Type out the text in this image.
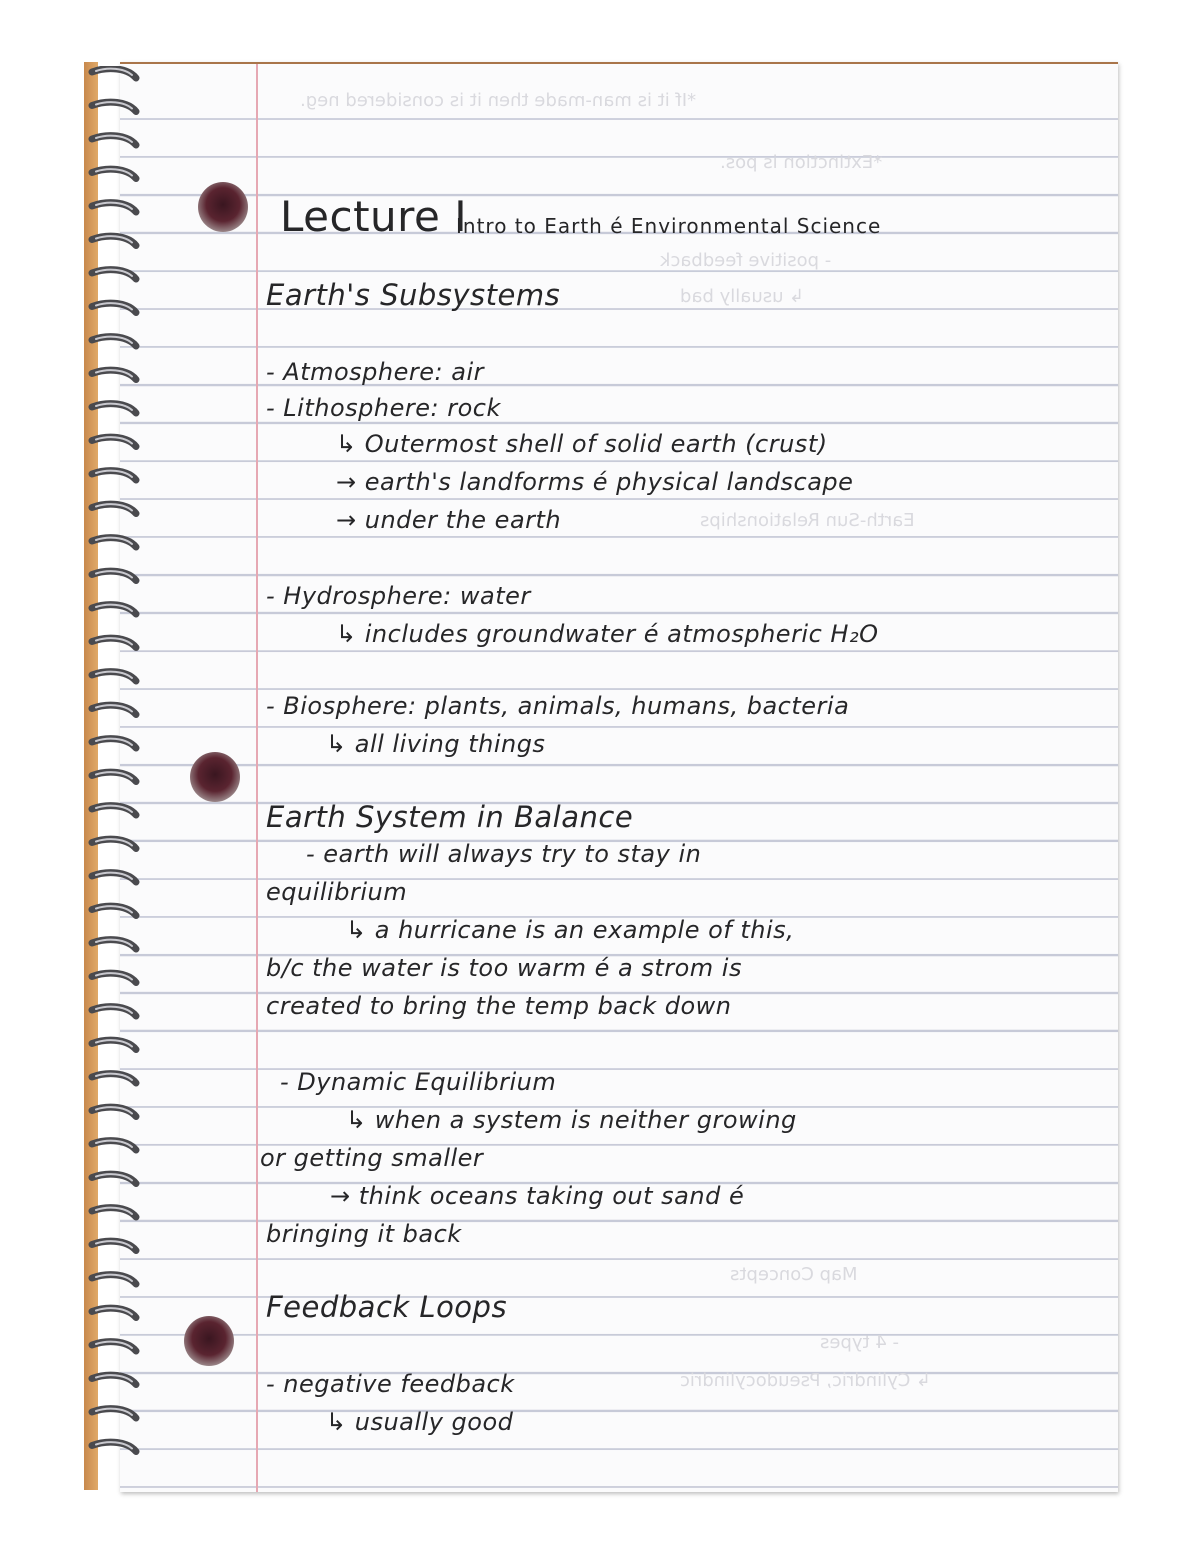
*If it is man-made then it is considered neg.
*Extinction is pos.
- positive feedback
↳ usually bad
Earth-Sun Relationships
Map Concepts
- 4 types
↳ Cylindric, Pseudocylindric
Lecture I
Intro to Earth é Environmental Science
Earth's Subsystems
- Atmosphere: air
- Lithosphere: rock
↳ Outermost shell of solid earth (crust)
→ earth's landforms é physical landscape
→ under the earth
- Hydrosphere: water
↳ includes groundwater é atmospheric H₂O
- Biosphere: plants, animals, humans, bacteria
↳ all living things
Earth System in Balance
- earth will always try to stay in
equilibrium
↳ a hurricane is an example of this,
b/c the water is too warm é a strom is
created to bring the temp back down
- Dynamic Equilibrium
↳ when a system is neither growing
or getting smaller
→ think oceans taking out sand é
bringing it back
Feedback Loops
- negative feedback
↳ usually good
